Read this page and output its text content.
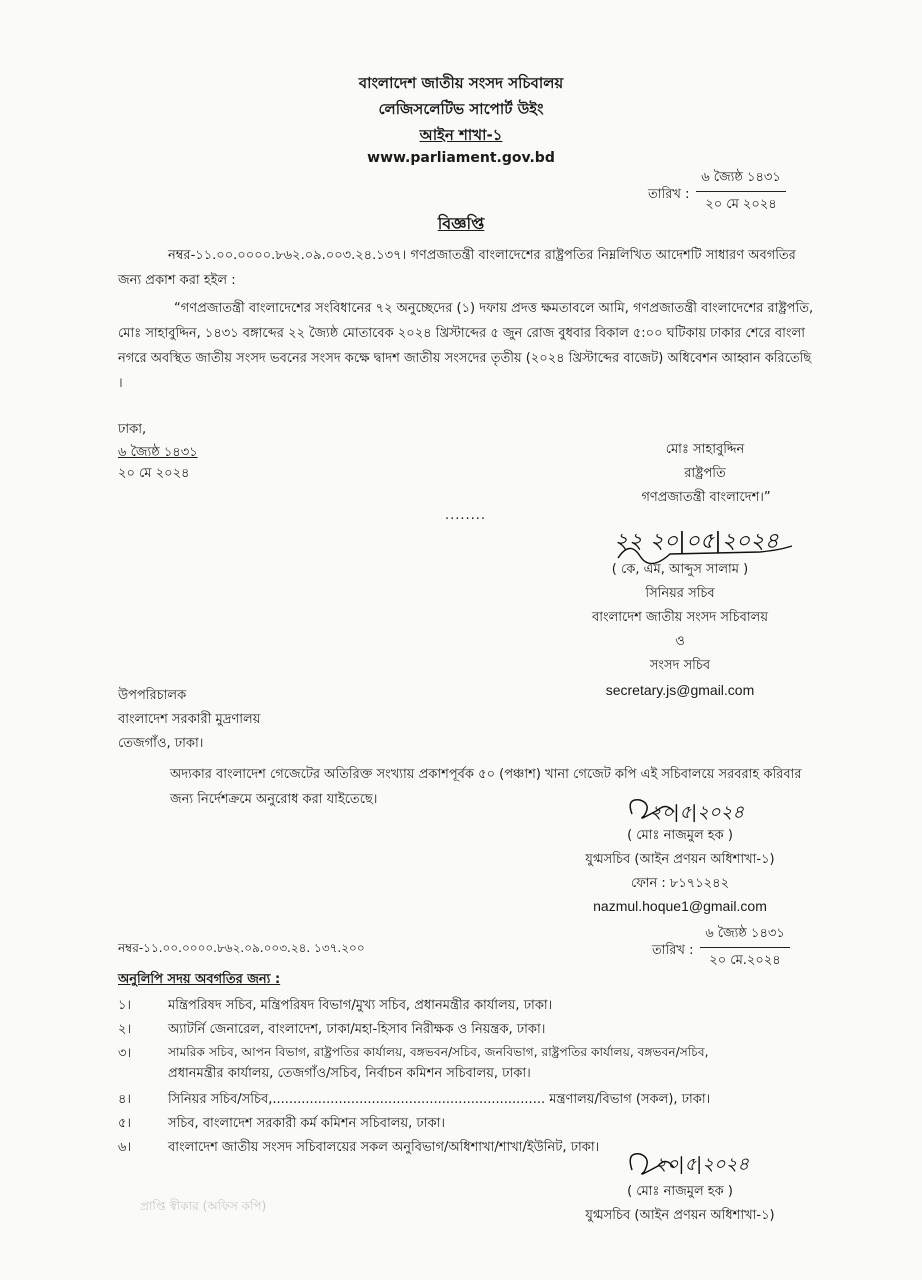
বাংলাদেশ জাতীয় সংসদ সচিবালয়
লেজিসলেটিভ সাপোর্ট উইং
আইন শাখা-১
www.parliament.gov.bd
তারিখ :
৬ জ্যৈষ্ঠ ১৪৩১
২০ মে ২০২৪
বিজ্ঞপ্তি
নম্বর-১১.০০.০০০০.৮৬২.০৯.০০৩.২৪.১৩৭। গণপ্রজাতন্ত্রী বাংলাদেশের রাষ্ট্রপতির নিম্নলিখিত আদেশটি সাধারণ অবগতির জন্য প্রকাশ করা হইল :
“গণপ্রজাতন্ত্রী বাংলাদেশের সংবিধানের ৭২ অনুচ্ছেদের (১) দফায় প্রদত্ত ক্ষমতাবলে আমি, গণপ্রজাতন্ত্রী বাংলাদেশের রাষ্ট্রপতি, মোঃ সাহাবুদ্দিন, ১৪৩১ বঙ্গাব্দের ২২ জ্যৈষ্ঠ মোতাবেক ২০২৪ খ্রিস্টাব্দের ৫ জুন রোজ বুধবার বিকাল ৫:০০ ঘটিকায় ঢাকার শেরে বাংলা নগরে অবস্থিত জাতীয় সংসদ ভবনের সংসদ কক্ষে দ্বাদশ জাতীয় সংসদের তৃতীয় (২০২৪ খ্রিস্টাব্দের বাজেট) অধিবেশন আহ্বান করিতেছি ।
ঢাকা,
৬ জ্যৈষ্ঠ ১৪৩১
২০ মে ২০২৪
মোঃ সাহাবুদ্দিন
রাষ্ট্রপতি
গণপ্রজাতন্ত্রী বাংলাদেশ।”
........
২২ ২০|০৫|২০২৪
( কে, এম, আব্দুস সালাম )
সিনিয়র সচিব
বাংলাদেশ জাতীয় সংসদ সচিবালয়
ও
সংসদ সচিব
secretary.js@gmail.com
উপপরিচালক
বাংলাদেশ সরকারী মুদ্রণালয়
তেজগাঁও, ঢাকা।
অদ্যকার বাংলাদেশ গেজেটের অতিরিক্ত সংখ্যায় প্রকাশপূর্বক ৫০ (পঞ্চাশ) খানা গেজেট কপি এই সচিবালয়ে সরবরাহ করিবার জন্য নির্দেশক্রমে অনুরোধ করা যাইতেছে।
২০|৫|২০২৪
( মোঃ নাজমুল হক )
যুগ্মসচিব (আইন প্রণয়ন অধিশাখা-১)
ফোন : ৮১৭১২৪২
nazmul.hoque1@gmail.com
নম্বর-১১.০০.০০০০.৮৬২.০৯.০০৩.২৪. ১৩৭.২০০	তারিখ :
৬ জ্যৈষ্ঠ ১৪৩১
২০ মে.২০২৪
অনুলিপি সদয় অবগতির জন্য :
১।	মন্ত্রিপরিষদ সচিব, মন্ত্রিপরিষদ বিভাগ/মুখ্য সচিব, প্রধানমন্ত্রীর কার্যালয়, ঢাকা।
২।	অ্যাটর্নি জেনারেল, বাংলাদেশ, ঢাকা/মহা-হিসাব নিরীক্ষক ও নিয়ন্ত্রক, ঢাকা।
৩।	সামরিক সচিব, আপন বিভাগ, রাষ্ট্রপতির কার্যালয়, বঙ্গভবন/সচিব, জনবিভাগ, রাষ্ট্রপতির কার্যালয়, বঙ্গভবন/সচিব,
প্রধানমন্ত্রীর কার্যালয়, তেজগাঁও/সচিব, নির্বাচন কমিশন সচিবালয়, ঢাকা।
৪।	সিনিয়র সচিব/সচিব,.................................................................. মন্ত্রণালয়/বিভাগ (সকল), ঢাকা।
৫।	সচিব, বাংলাদেশ সরকারী কর্ম কমিশন সচিবালয়, ঢাকা।
৬।	বাংলাদেশ জাতীয় সংসদ সচিবালয়ের সকল অনুবিভাগ/অধিশাখা/শাখা/ইউনিট, ঢাকা।
২০|৫|২০২৪
( মোঃ নাজমুল হক )
যুগ্মসচিব (আইন প্রণয়ন অধিশাখা-১)
প্রাপ্তি স্বীকার (অফিস কপি)
